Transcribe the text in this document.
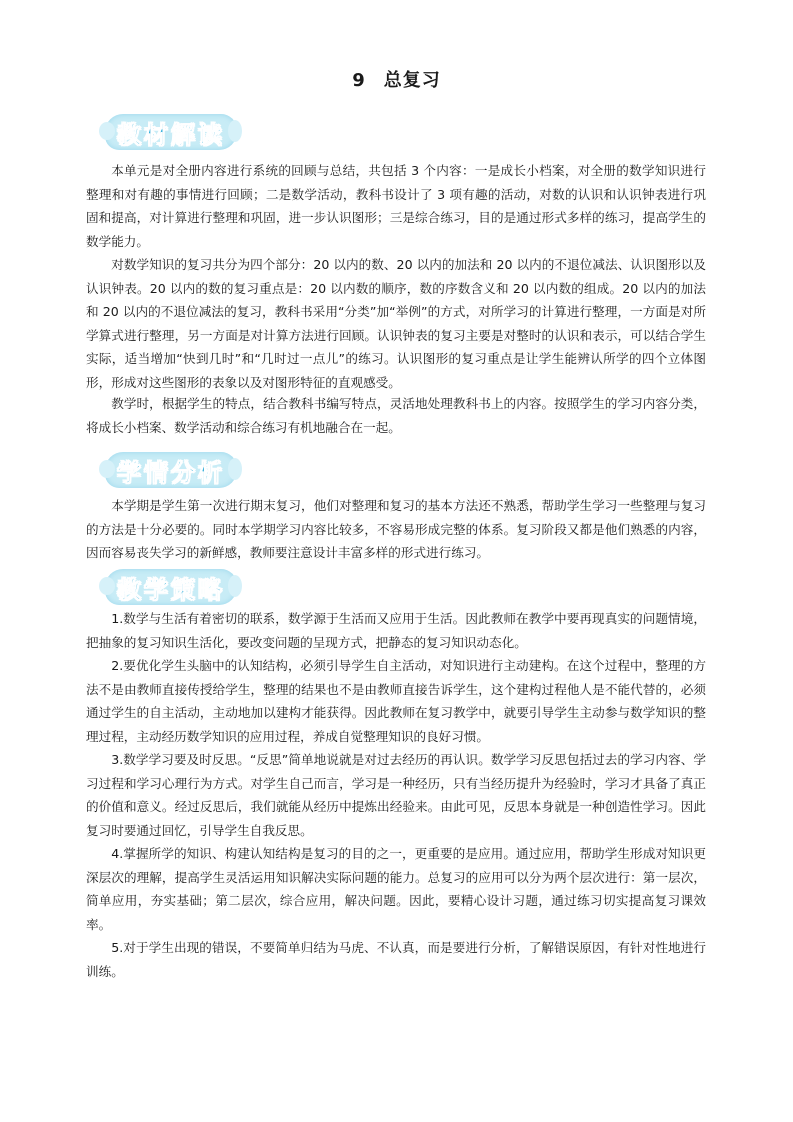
9 总复习
教材解读

本单元是对全册内容进行系统的回顾与总结，共包括 3 个内容：一是成长小档案，对全册的数学知识进行整理和对有趣的事情进行回顾；二是数学活动，教科书设计了 3 项有趣的活动，对数的认识和认识钟表进行巩固和提高，对计算进行整理和巩固，进一步认识图形；三是综合练习，目的是通过形式多样的练习，提高学生的数学能力。

对数学知识的复习共分为四个部分：20 以内的数、20 以内的加法和 20 以内的不退位减法、认识图形以及认识钟表。20 以内的数的复习重点是：20 以内数的顺序，数的序数含义和 20 以内数的组成。20 以内的加法和 20 以内的不退位减法的复习，教科书采用“分类”加“举例”的方式，对所学习的计算进行整理，一方面是对所学算式进行整理，另一方面是对计算方法进行回顾。认识钟表的复习主要是对整时的认识和表示，可以结合学生实际，适当增加“快到几时”和“几时过一点儿”的练习。认识图形的复习重点是让学生能辨认所学的四个立体图形，形成对这些图形的表象以及对图形特征的直观感受。

教学时，根据学生的特点，结合教科书编写特点，灵活地处理教科书上的内容。按照学生的学习内容分类，将成长小档案、数学活动和综合练习有机地融合在一起。

学情分析

本学期是学生第一次进行期末复习，他们对整理和复习的基本方法还不熟悉，帮助学生学习一些整理与复习的方法是十分必要的。同时本学期学习内容比较多，不容易形成完整的体系。复习阶段又都是他们熟悉的内容，因而容易丧失学习的新鲜感，教师要注意设计丰富多样的形式进行练习。

教学策略

1.数学与生活有着密切的联系，数学源于生活而又应用于生活。因此教师在教学中要再现真实的问题情境，把抽象的复习知识生活化，要改变问题的呈现方式，把静态的复习知识动态化。

2.要优化学生头脑中的认知结构，必须引导学生自主活动，对知识进行主动建构。在这个过程中，整理的方法不是由教师直接传授给学生，整理的结果也不是由教师直接告诉学生，这个建构过程他人是不能代替的，必须通过学生的自主活动，主动地加以建构才能获得。因此教师在复习教学中，就要引导学生主动参与数学知识的整理过程，主动经历数学知识的应用过程，养成自觉整理知识的良好习惯。

3.数学学习要及时反思。“反思”简单地说就是对过去经历的再认识。数学学习反思包括过去的学习内容、学习过程和学习心理行为方式。对学生自己而言，学习是一种经历，只有当经历提升为经验时，学习才具备了真正的价值和意义。经过反思后，我们就能从经历中提炼出经验来。由此可见，反思本身就是一种创造性学习。因此复习时要通过回忆，引导学生自我反思。

4.掌握所学的知识、构建认知结构是复习的目的之一，更重要的是应用。通过应用，帮助学生形成对知识更深层次的理解，提高学生灵活运用知识解决实际问题的能力。总复习的应用可以分为两个层次进行：第一层次，简单应用，夯实基础；第二层次，综合应用，解决问题。因此，要精心设计习题，通过练习切实提高复习课效率。

5.对于学生出现的错误，不要简单归结为马虎、不认真，而是要进行分析，了解错误原因，有针对性地进行训练。
